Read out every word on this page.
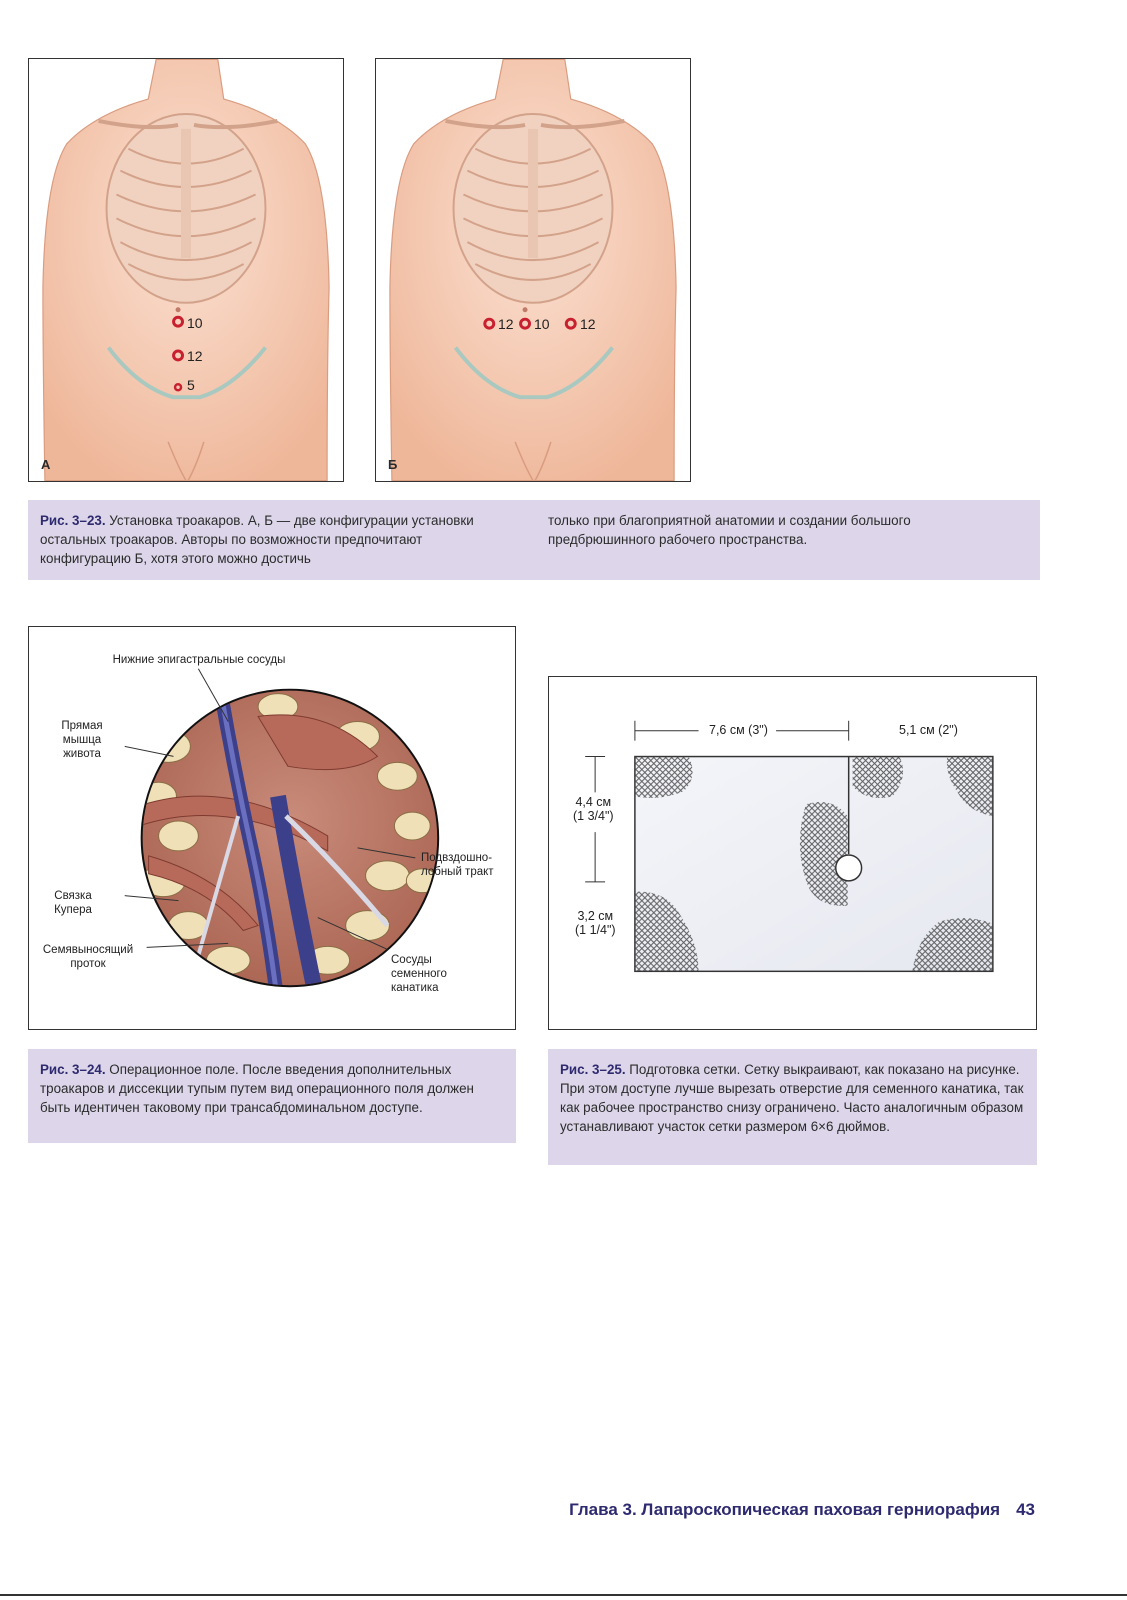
10
12
5
А
12 10 12
Б
Рис. 3–23. Установка троакаров. А, Б — две конфигурации установки остальных троакаров. Авторы по возможности предпочитают конфигурацию Б, хотя этого можно достичь
только при благоприятной анатомии и создании большого предбрюшинного рабочего пространства.
Нижние эпигастральные сосуды
Прямая
мышца
живота
Связка
Купера
Семявыносящий
проток
Подвздошно-
лобный тракт
Сосуды
семенного
канатика
Рис. 3–24. Операционное поле. После введения дополнительных троакаров и диссекции тупым путем вид операционного поля должен быть идентичен таковому при трансабдоминальном доступе.
7,6 см (3")	5,1 см (2")
4,4 см
(1 3/4")
3,2 см
(1 1/4")
Рис. 3–25. Подготовка сетки. Сетку выкраивают, как показано на рисунке. При этом доступе лучше вырезать отверстие для семенного канатика, так как рабочее пространство снизу ограничено. Часто аналогичным образом устанавливают участок сетки размером 6×6 дюймов.
Глава 3. Лапароскопическая паховая герниорафия 43
